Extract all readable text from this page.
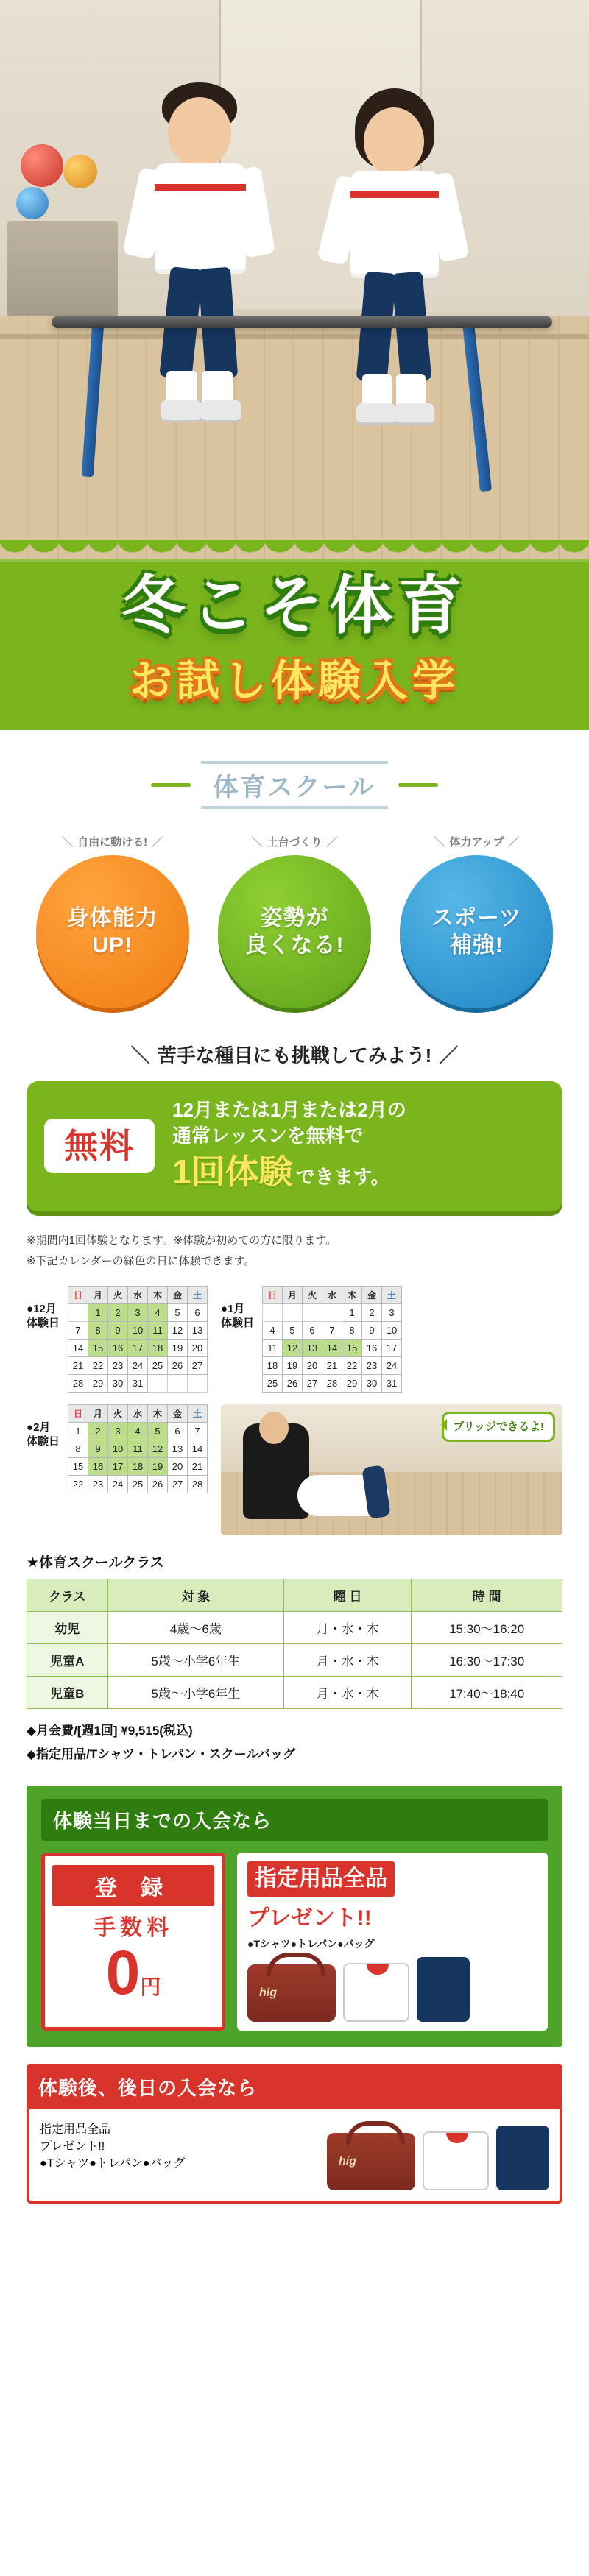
冬こそ体育
お試し体験入学
体育スクール
＼ 自由に動ける! ／
身体能力
UP!
＼ 土台づくり ／
姿勢が
良くなる!
＼ 体力アップ ／
スポーツ
補強!
＼ 苦手な種目にも挑戦してみよう! ／
無料
12月または1月または2月の
通常レッスンを無料で
1回体験 できます。
※期間内1回体験となります。※体験が初めての方に限ります。
※下記カレンダーの緑色の日に体験できます。
●12月
体験日
日	月	火	水	木	金	土
	1	2	3	4	5	6
7	8	9	10	11	12	13
14	15	16	17	18	19	20
21	22	23	24	25	26	27
28	29	30	31			
●1月
体験日
日	月	火	水	木	金	土
				1	2	3
4	5	6	7	8	9	10
11	12	13	14	15	16	17
18	19	20	21	22	23	24
25	26	27	28	29	30	31
●2月
体験日
日	月	火	水	木	金	土
1	2	3	4	5	6	7
8	9	10	11	12	13	14
15	16	17	18	19	20	21
22	23	24	25	26	27	28
ブリッジできるよ!
★体育スクールクラス
クラス	対 象	曜 日	時 間
幼児	4歳〜6歳	月・水・木	15:30〜16:20
児童A	5歳〜小学6年生	月・水・木	16:30〜17:30
児童B	5歳〜小学6年生	月・水・木	17:40〜18:40
◆月会費/[週1回] ¥9,515(税込)
◆指定用品/Tシャツ・トレパン・スクールバッグ
体験当日までの入会なら
登 録
手数料
0円
指定用品全品
プレゼント!!
●Tシャツ●トレパン●バッグ
hig
体験後、後日の入会なら
指定用品全品
プレゼント!!
●Tシャツ●トレパン●バッグ	hig
